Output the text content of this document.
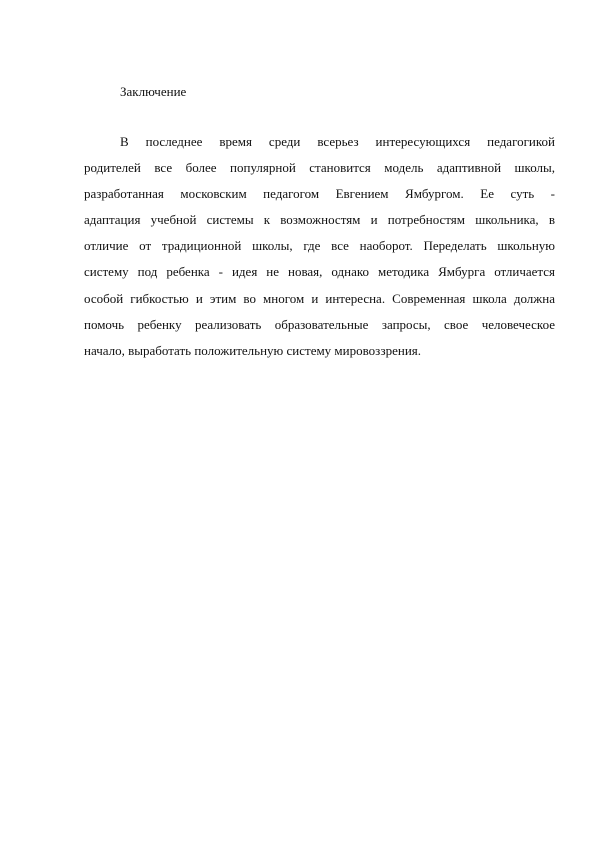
Заключение
В последнее время среди всерьез интересующихся педагогикой
родителей все более популярной становится модель адаптивной школы,
разработанная московским педагогом Евгением Ямбургом. Ее суть -
адаптация учебной системы к возможностям и потребностям школьника, в
отличие от традиционной школы, где все наоборот. Переделать школьную
систему под ребенка - идея не новая, однако методика Ямбурга отличается
особой гибкостью и этим во многом и интересна. Современная школа должна
помочь ребенку реализовать образовательные запросы, свое человеческое
начало, выработать положительную систему мировоззрения.
